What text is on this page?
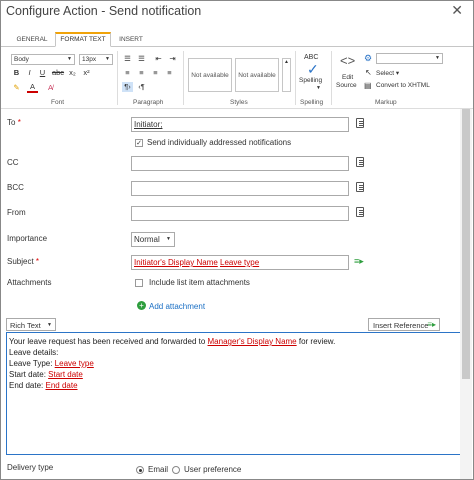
Configure Action - Send notification	✕
GENERAL	FORMAT TEXT	INSERT
Body	▼	13px ▼
B	I	U abc x₂	x²
✎	A	A̸
Font
☰ ☰	⇤	⇥
≡	≡	≡	≡
¶› ‹¶
Paragraph
Not available	Not available
▲
Styles
ABC
✓
Spelling
▼
Spelling
<>
Edit
Source
⚙	▼
↖ Select ▾
▤ Convert to XHTML
Markup
To *	Initiator;
✓ Send individually addressed notifications
CC
BCC
From
Importance	Normal ▼
Subject *	Initiator's Display Name Leave type	≡▸
Attachments	Include list item attachments
+ Add attachment
Rich Text ▼	Insert Reference
≡▸
Your leave request has been received and forwarded to Manager's Display Name for review.
Leave details:
Leave Type: Leave type
Start date: Start date
End date: End date
Delivery type	Email User preference
